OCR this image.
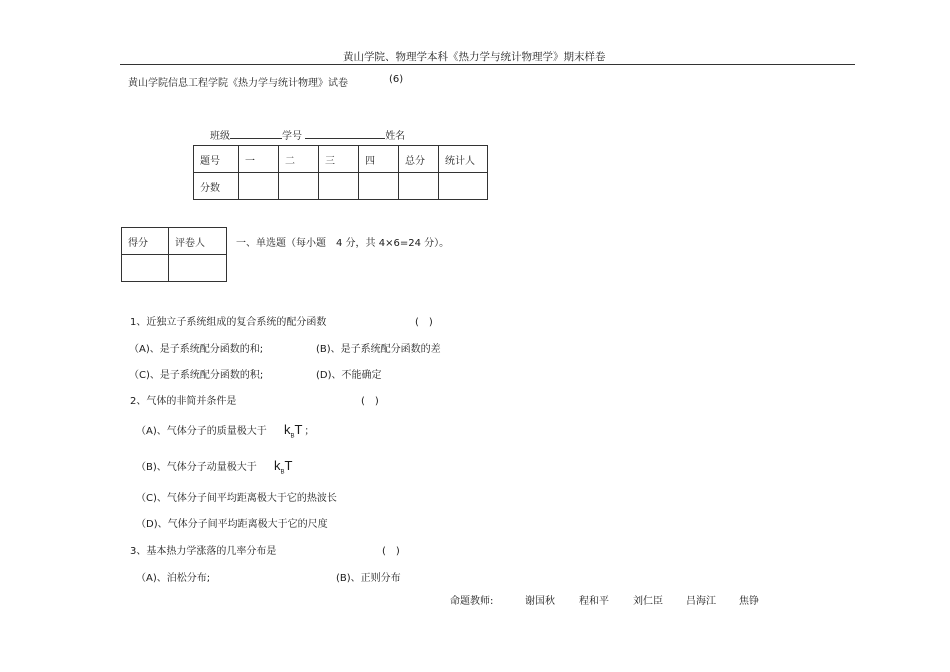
黄山学院、物理学本科《热力学与统计物理学》期末样卷
黄山学院信息工程学院《热力学与统计物理》试卷	(6)
班级	学号	姓名
题号	一	二	三	四	总分	统计人
分数						
得分	评卷人
		一、单选题（每小题　4 分，共 4×6=24 分）。
1、近独立子系统组成的复合系统的配分函数	(　)
（A)、是子系统配分函数的和;	(B)、是子系统配分函数的差
（C)、是子系统配分函数的积;	(D)、不能确定
2、气体的非简并条件是	(　)
（A)、气体分子的质量极大于 $k_BT$ ；
（B)、气体分子动量极大于 $k_BT$
（C)、气体分子间平均距离极大于它的热波长
（D)、气体分子间平均距离极大于它的尺度
3、基本热力学涨落的几率分布是	(　)
（A)、泊松分布;	(B)、正则分布
命题教师:	谢国秋 程和平 刘仁臣 吕海江 焦铮
